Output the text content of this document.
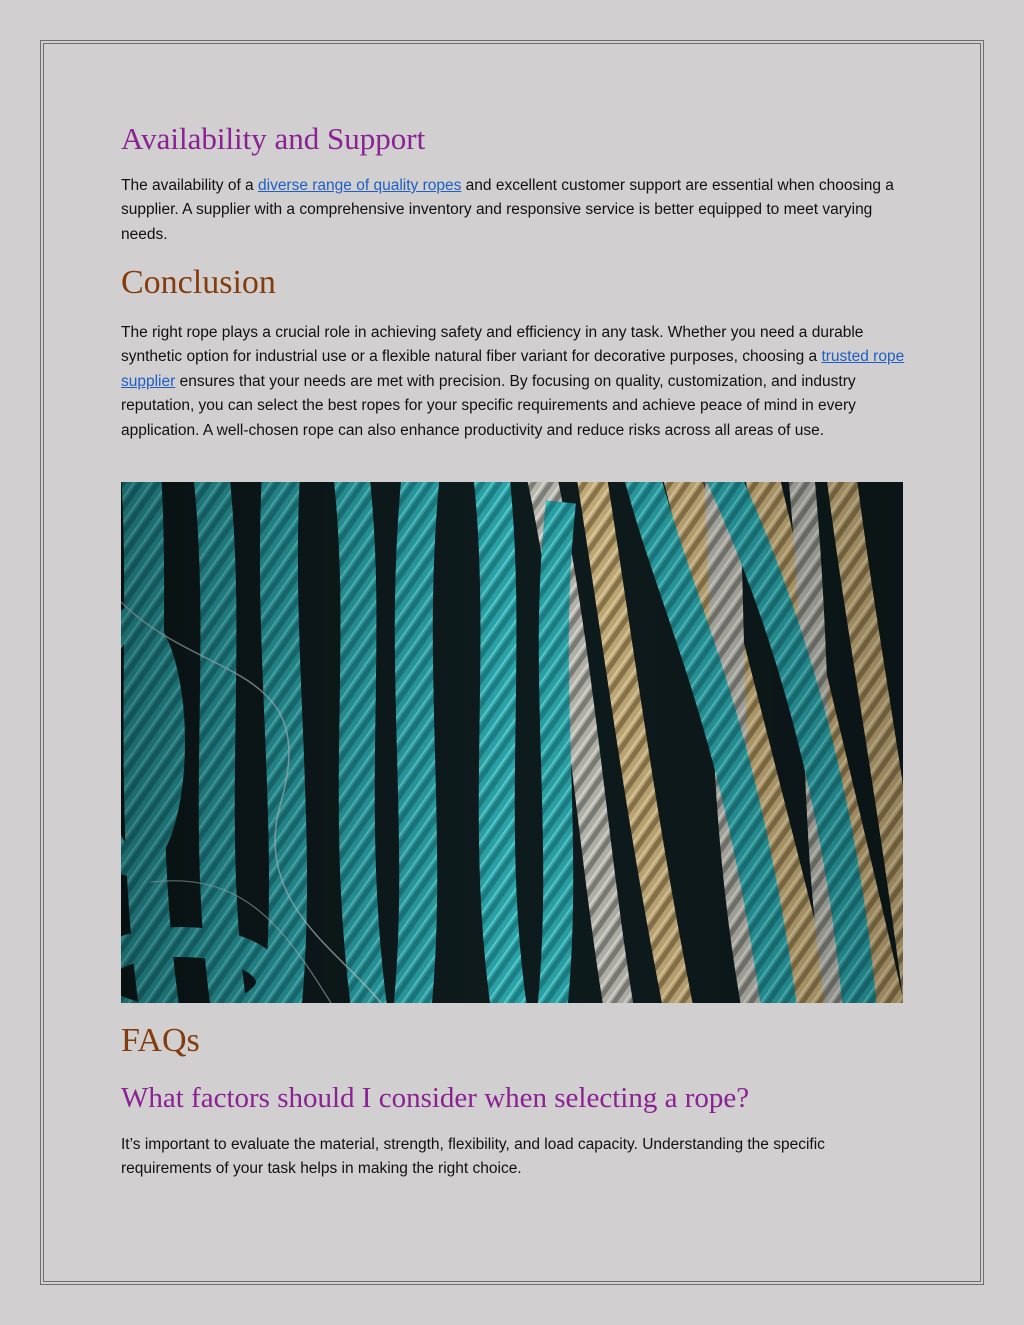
Availability and Support

The availability of a diverse range of quality ropes and excellent customer support are essential when choosing a supplier. A supplier with a comprehensive inventory and responsive service is better equipped to meet varying needs.

Conclusion

The right rope plays a crucial role in achieving safety and efficiency in any task. Whether you need a durable synthetic option for industrial use or a flexible natural fiber variant for decorative purposes, choosing a trusted rope supplier ensures that your needs are met with precision. By focusing on quality, customization, and industry reputation, you can select the best ropes for your specific requirements and achieve peace of mind in every application. A well-chosen rope can also enhance productivity and reduce risks across all areas of use.

FAQs
What factors should I consider when selecting a rope?

It’s important to evaluate the material, strength, flexibility, and load capacity. Understanding the specific requirements of your task helps in making the right choice.
